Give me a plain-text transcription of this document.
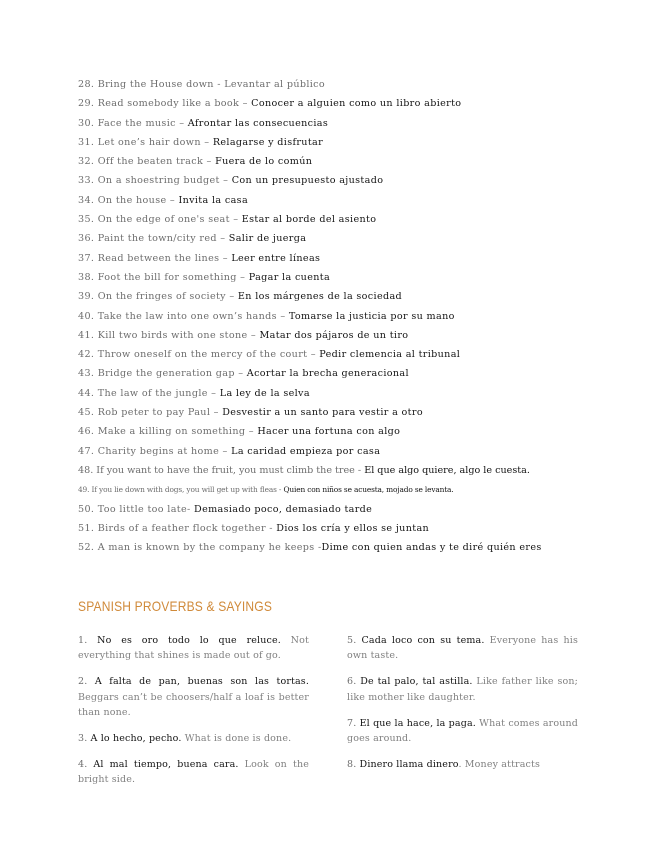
28. Bring the House down - Levantar al público
29. Read somebody like a book – Conocer a alguien como un libro abierto
30. Face the music – Afrontar las consecuencias
31. Let one’s hair down – Relagarse y disfrutar
32. Off the beaten track – Fuera de lo común
33. On a shoestring budget – Con un presupuesto ajustado
34. On the house – Invita la casa
35. On the edge of one's seat – Estar al borde del asiento
36. Paint the town/city red – Salir de juerga
37. Read between the lines – Leer entre líneas
38. Foot the bill for something – Pagar la cuenta
39. On the fringes of society – En los márgenes de la sociedad
40. Take the law into one own’s hands – Tomarse la justicia por su mano
41. Kill two birds with one stone – Matar dos pájaros de un tiro
42. Throw oneself on the mercy of the court – Pedir clemencia al tribunal
43. Bridge the generation gap – Acortar la brecha generacional
44. The law of the jungle – La ley de la selva
45. Rob peter to pay Paul – Desvestir a un santo para vestir a otro
46. Make a killing on something – Hacer una fortuna con algo
47. Charity begins at home – La caridad empieza por casa
48. If you want to have the fruit, you must climb the tree - El que algo quiere, algo le cuesta.
49. If you lie down with dogs, you will get up with fleas - Quien con niños se acuesta, mojado se levanta.
50. Too little too late- Demasiado poco, demasiado tarde
51. Birds of a feather flock together - Dios los cría y ellos se juntan
52. A man is known by the company he keeps -Dime con quien andas y te diré quién eres
SPANISH PROVERBS & SAYINGS

1. No es oro todo lo que reluce. Not everything that shines is made out of go.

2. A falta de pan, buenas son las tortas. Beggars can’t be choosers/half a loaf is better than none.

3. A lo hecho, pecho. What is done is done.

4. Al mal tiempo, buena cara. Look on the bright side.

5. Cada loco con su tema. Everyone has his own taste.

6. De tal palo, tal astilla. Like father like son; like mother like daughter.

7. El que la hace, la paga. What comes around goes around.

8. Dinero llama dinero. Money attracts
